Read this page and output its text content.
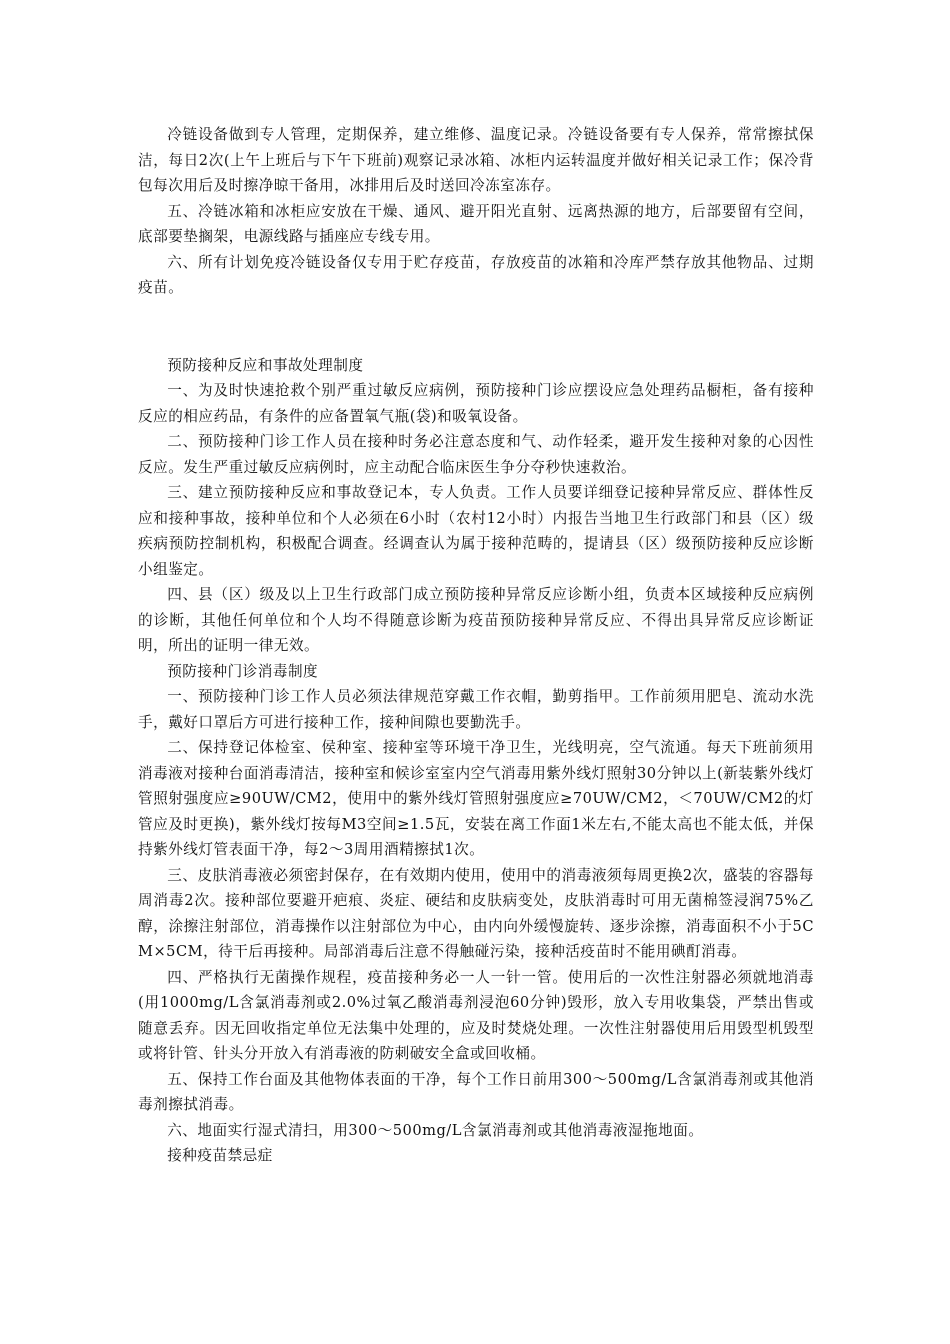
冷链设备做到专人管理，定期保养，建立维修、温度记录。冷链设备要有专人保养，常常擦拭保洁，每日2次(上午上班后与下午下班前)观察记录冰箱、冰柜内运转温度并做好相关记录工作；保冷背包每次用后及时擦净晾干备用，冰排用后及时送回冷冻室冻存。

五、冷链冰箱和冰柜应安放在干燥、通风、避开阳光直射、远离热源的地方，后部要留有空间，底部要垫搁架，电源线路与插座应专线专用。

六、所有计划免疫冷链设备仅专用于贮存疫苗，存放疫苗的冰箱和冷库严禁存放其他物品、过期疫苗。

预防接种反应和事故处理制度

一、为及时快速抢救个别严重过敏反应病例，预防接种门诊应摆设应急处理药品橱柜，备有接种反应的相应药品，有条件的应备置氧气瓶(袋)和吸氧设备。

二、预防接种门诊工作人员在接种时务必注意态度和气、动作轻柔，避开发生接种对象的心因性反应。发生严重过敏反应病例时，应主动配合临床医生争分夺秒快速救治。

三、建立预防接种反应和事故登记本，专人负责。工作人员要详细登记接种异常反应、群体性反应和接种事故，接种单位和个人必须在6小时（农村12小时）内报告当地卫生行政部门和县（区）级疾病预防控制机构，积极配合调查。经调查认为属于接种范畴的，提请县（区）级预防接种反应诊断小组鉴定。

四、县（区）级及以上卫生行政部门成立预防接种异常反应诊断小组，负责本区域接种反应病例的诊断，其他任何单位和个人均不得随意诊断为疫苗预防接种异常反应、不得出具异常反应诊断证明，所出的证明一律无效。

预防接种门诊消毒制度

一、预防接种门诊工作人员必须法律规范穿戴工作衣帽，勤剪指甲。工作前须用肥皂、流动水洗手，戴好口罩后方可进行接种工作，接种间隙也要勤洗手。

二、保持登记体检室、侯种室、接种室等环境干净卫生，光线明亮，空气流通。每天下班前须用消毒液对接种台面消毒清洁，接种室和候诊室室内空气消毒用紫外线灯照射30分钟以上(新装紫外线灯管照射强度应≥90UW/CM2，使用中的紫外线灯管照射强度应≥70UW/CM2，＜70UW/CM2的灯管应及时更换)，紫外线灯按每M3空间≥1.5瓦，安装在离工作面1米左右,不能太高也不能太低，并保持紫外线灯管表面干净，每2～3周用酒精擦拭1次。

三、皮肤消毒液必须密封保存，在有效期内使用，使用中的消毒液须每周更换2次，盛装的容器每周消毒2次。接种部位要避开疤痕、炎症、硬结和皮肤病变处，皮肤消毒时可用无菌棉签浸润75%乙醇，涂擦注射部位，消毒操作以注射部位为中心，由内向外缓慢旋转、逐步涂擦，消毒面积不小于5CM×5CM，待干后再接种。局部消毒后注意不得触碰污染，接种活疫苗时不能用碘酊消毒。

四、严格执行无菌操作规程，疫苗接种务必一人一针一管。使用后的一次性注射器必须就地消毒(用1000mg/L含氯消毒剂或2.0%过氧乙酸消毒剂浸泡60分钟)毁形，放入专用收集袋，严禁出售或随意丢弃。因无回收指定单位无法集中处理的，应及时焚烧处理。一次性注射器使用后用毁型机毁型或将针管、针头分开放入有消毒液的防刺破安全盒或回收桶。

五、保持工作台面及其他物体表面的干净，每个工作日前用300～500mg/L含氯消毒剂或其他消毒剂擦拭消毒。

六、地面实行湿式清扫，用300～500mg/L含氯消毒剂或其他消毒液湿拖地面。

接种疫苗禁忌症
